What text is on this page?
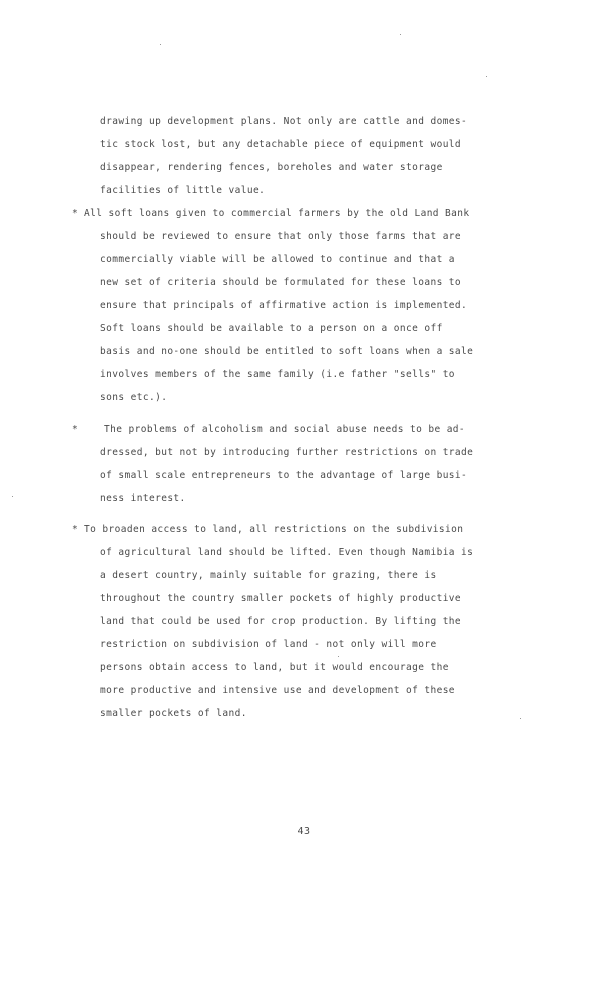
drawing up development plans. Not only are cattle and domes-
tic stock lost, but any detachable piece of equipment would
disappear, rendering fences, boreholes and water storage
facilities of little value.
* All soft loans given to commercial farmers by the old Land Bank
should be reviewed to ensure that only those farms that are
commercially viable will be allowed to continue and that a
new set of criteria should be formulated for these loans to
ensure that principals of affirmative action is implemented.
Soft loans should be available to a person on a once off
basis and no-one should be entitled to soft loans when a sale
involves members of the same family (i.e father "sells" to
sons etc.).
*	The problems of alcoholism and social abuse needs to be ad-
dressed, but not by introducing further restrictions on trade
of small scale entrepreneurs to the advantage of large busi-
ness interest.
* To broaden access to land, all restrictions on the subdivision
of agricultural land should be lifted. Even though Namibia is
a desert country, mainly suitable for grazing, there is
throughout the country smaller pockets of highly productive
land that could be used for crop production. By lifting the
restriction on subdivision of land - not only will more
persons obtain access to land, but it would encourage the
more productive and intensive use and development of these
smaller pockets of land.
43
